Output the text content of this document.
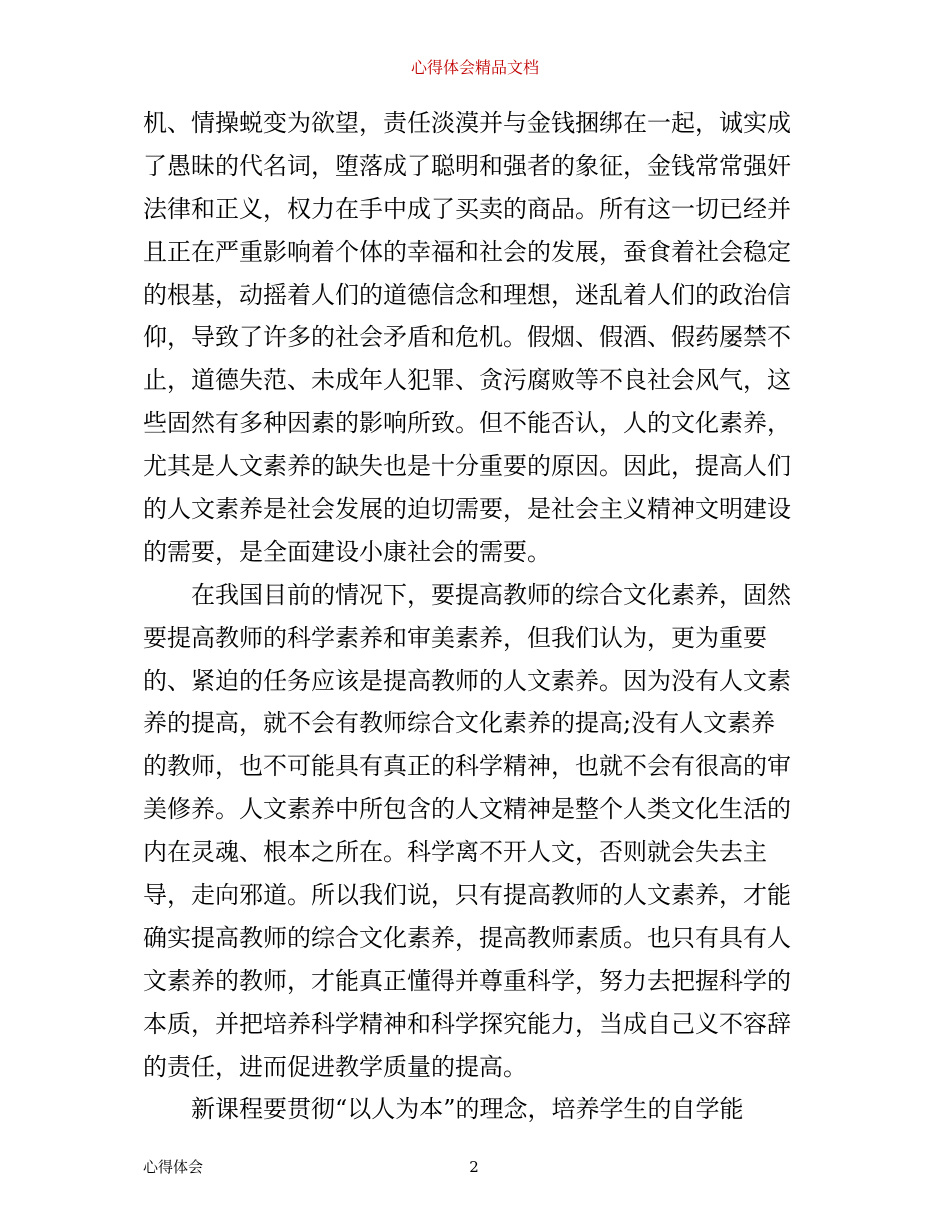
心得体会精品文档
机、情操蜕变为欲望，责任淡漠并与金钱捆绑在一起，诚实成
了愚昧的代名词，堕落成了聪明和强者的象征，金钱常常强奸
法律和正义，权力在手中成了买卖的商品。所有这一切已经并
且正在严重影响着个体的幸福和社会的发展，蚕食着社会稳定
的根基，动摇着人们的道德信念和理想，迷乱着人们的政治信
仰，导致了许多的社会矛盾和危机。假烟、假酒、假药屡禁不
止，道德失范、未成年人犯罪、贪污腐败等不良社会风气，这
些固然有多种因素的影响所致。但不能否认，人的文化素养，
尤其是人文素养的缺失也是十分重要的原因。因此，提高人们
的人文素养是社会发展的迫切需要，是社会主义精神文明建设
的需要，是全面建设小康社会的需要。
　　在我国目前的情况下，要提高教师的综合文化素养，固然
要提高教师的科学素养和审美素养，但我们认为，更为重要
的、紧迫的任务应该是提高教师的人文素养。因为没有人文素
养的提高，就不会有教师综合文化素养的提高;没有人文素养
的教师，也不可能具有真正的科学精神，也就不会有很高的审
美修养。人文素养中所包含的人文精神是整个人类文化生活的
内在灵魂、根本之所在。科学离不开人文，否则就会失去主
导，走向邪道。所以我们说，只有提高教师的人文素养，才能
确实提高教师的综合文化素养，提高教师素质。也只有具有人
文素养的教师，才能真正懂得并尊重科学，努力去把握科学的
本质，并把培养科学精神和科学探究能力，当成自己义不容辞
的责任，进而促进教学质量的提高。
　　新课程要贯彻“以人为本”的理念，培养学生的自学能
心得体会	2
